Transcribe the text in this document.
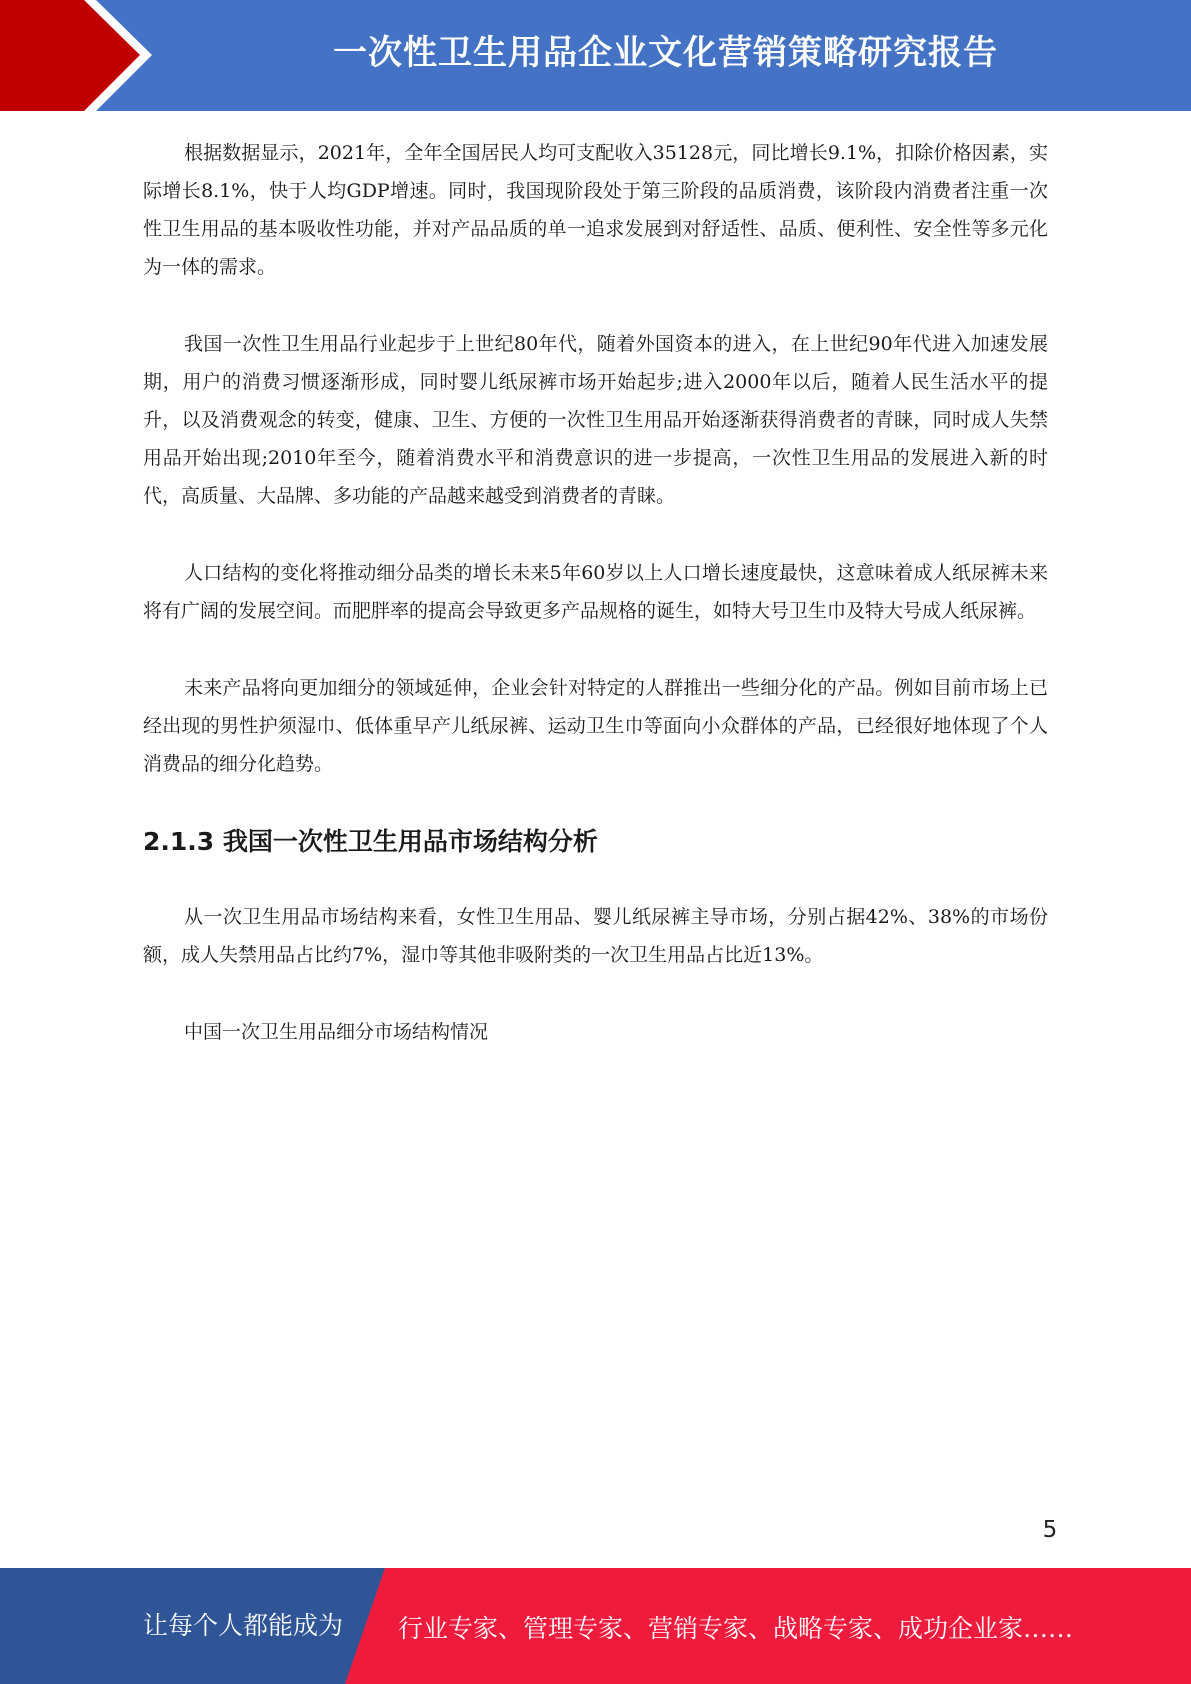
一次性卫生用品企业文化营销策略研究报告

根据数据显示，2021年，全年全国居民人均可支配收入35128元，同比增长9.1%，扣除价格因素，实际增长8.1%，快于人均GDP增速。同时，我国现阶段处于第三阶段的品质消费，该阶段内消费者注重一次性卫生用品的基本吸收性功能，并对产品品质的单一追求发展到对舒适性、品质、便利性、安全性等多元化为一体的需求。

我国一次性卫生用品行业起步于上世纪80年代，随着外国资本的进入，在上世纪90年代进入加速发展期，用户的消费习惯逐渐形成，同时婴儿纸尿裤市场开始起步;进入2000年以后，随着人民生活水平的提升，以及消费观念的转变，健康、卫生、方便的一次性卫生用品开始逐渐获得消费者的青睐，同时成人失禁用品开始出现;2010年至今，随着消费水平和消费意识的进一步提高，一次性卫生用品的发展进入新的时代，高质量、大品牌、多功能的产品越来越受到消费者的青睐。

人口结构的变化将推动细分品类的增长未来5年60岁以上人口增长速度最快，这意味着成人纸尿裤未来将有广阔的发展空间。而肥胖率的提高会导致更多产品规格的诞生，如特大号卫生巾及特大号成人纸尿裤。

未来产品将向更加细分的领域延伸，企业会针对特定的人群推出一些细分化的产品。例如目前市场上已经出现的男性护须湿巾、低体重早产儿纸尿裤、运动卫生巾等面向小众群体的产品，已经很好地体现了个人消费品的细分化趋势。

2.1.3 我国一次性卫生用品市场结构分析

从一次卫生用品市场结构来看，女性卫生用品、婴儿纸尿裤主导市场，分别占据42%、38%的市场份额，成人失禁用品占比约7%，湿巾等其他非吸附类的一次卫生用品占比近13%。

中国一次卫生用品细分市场结构情况

5
让每个人都能成为 行业专家、管理专家、营销专家、战略专家、成功企业家……
